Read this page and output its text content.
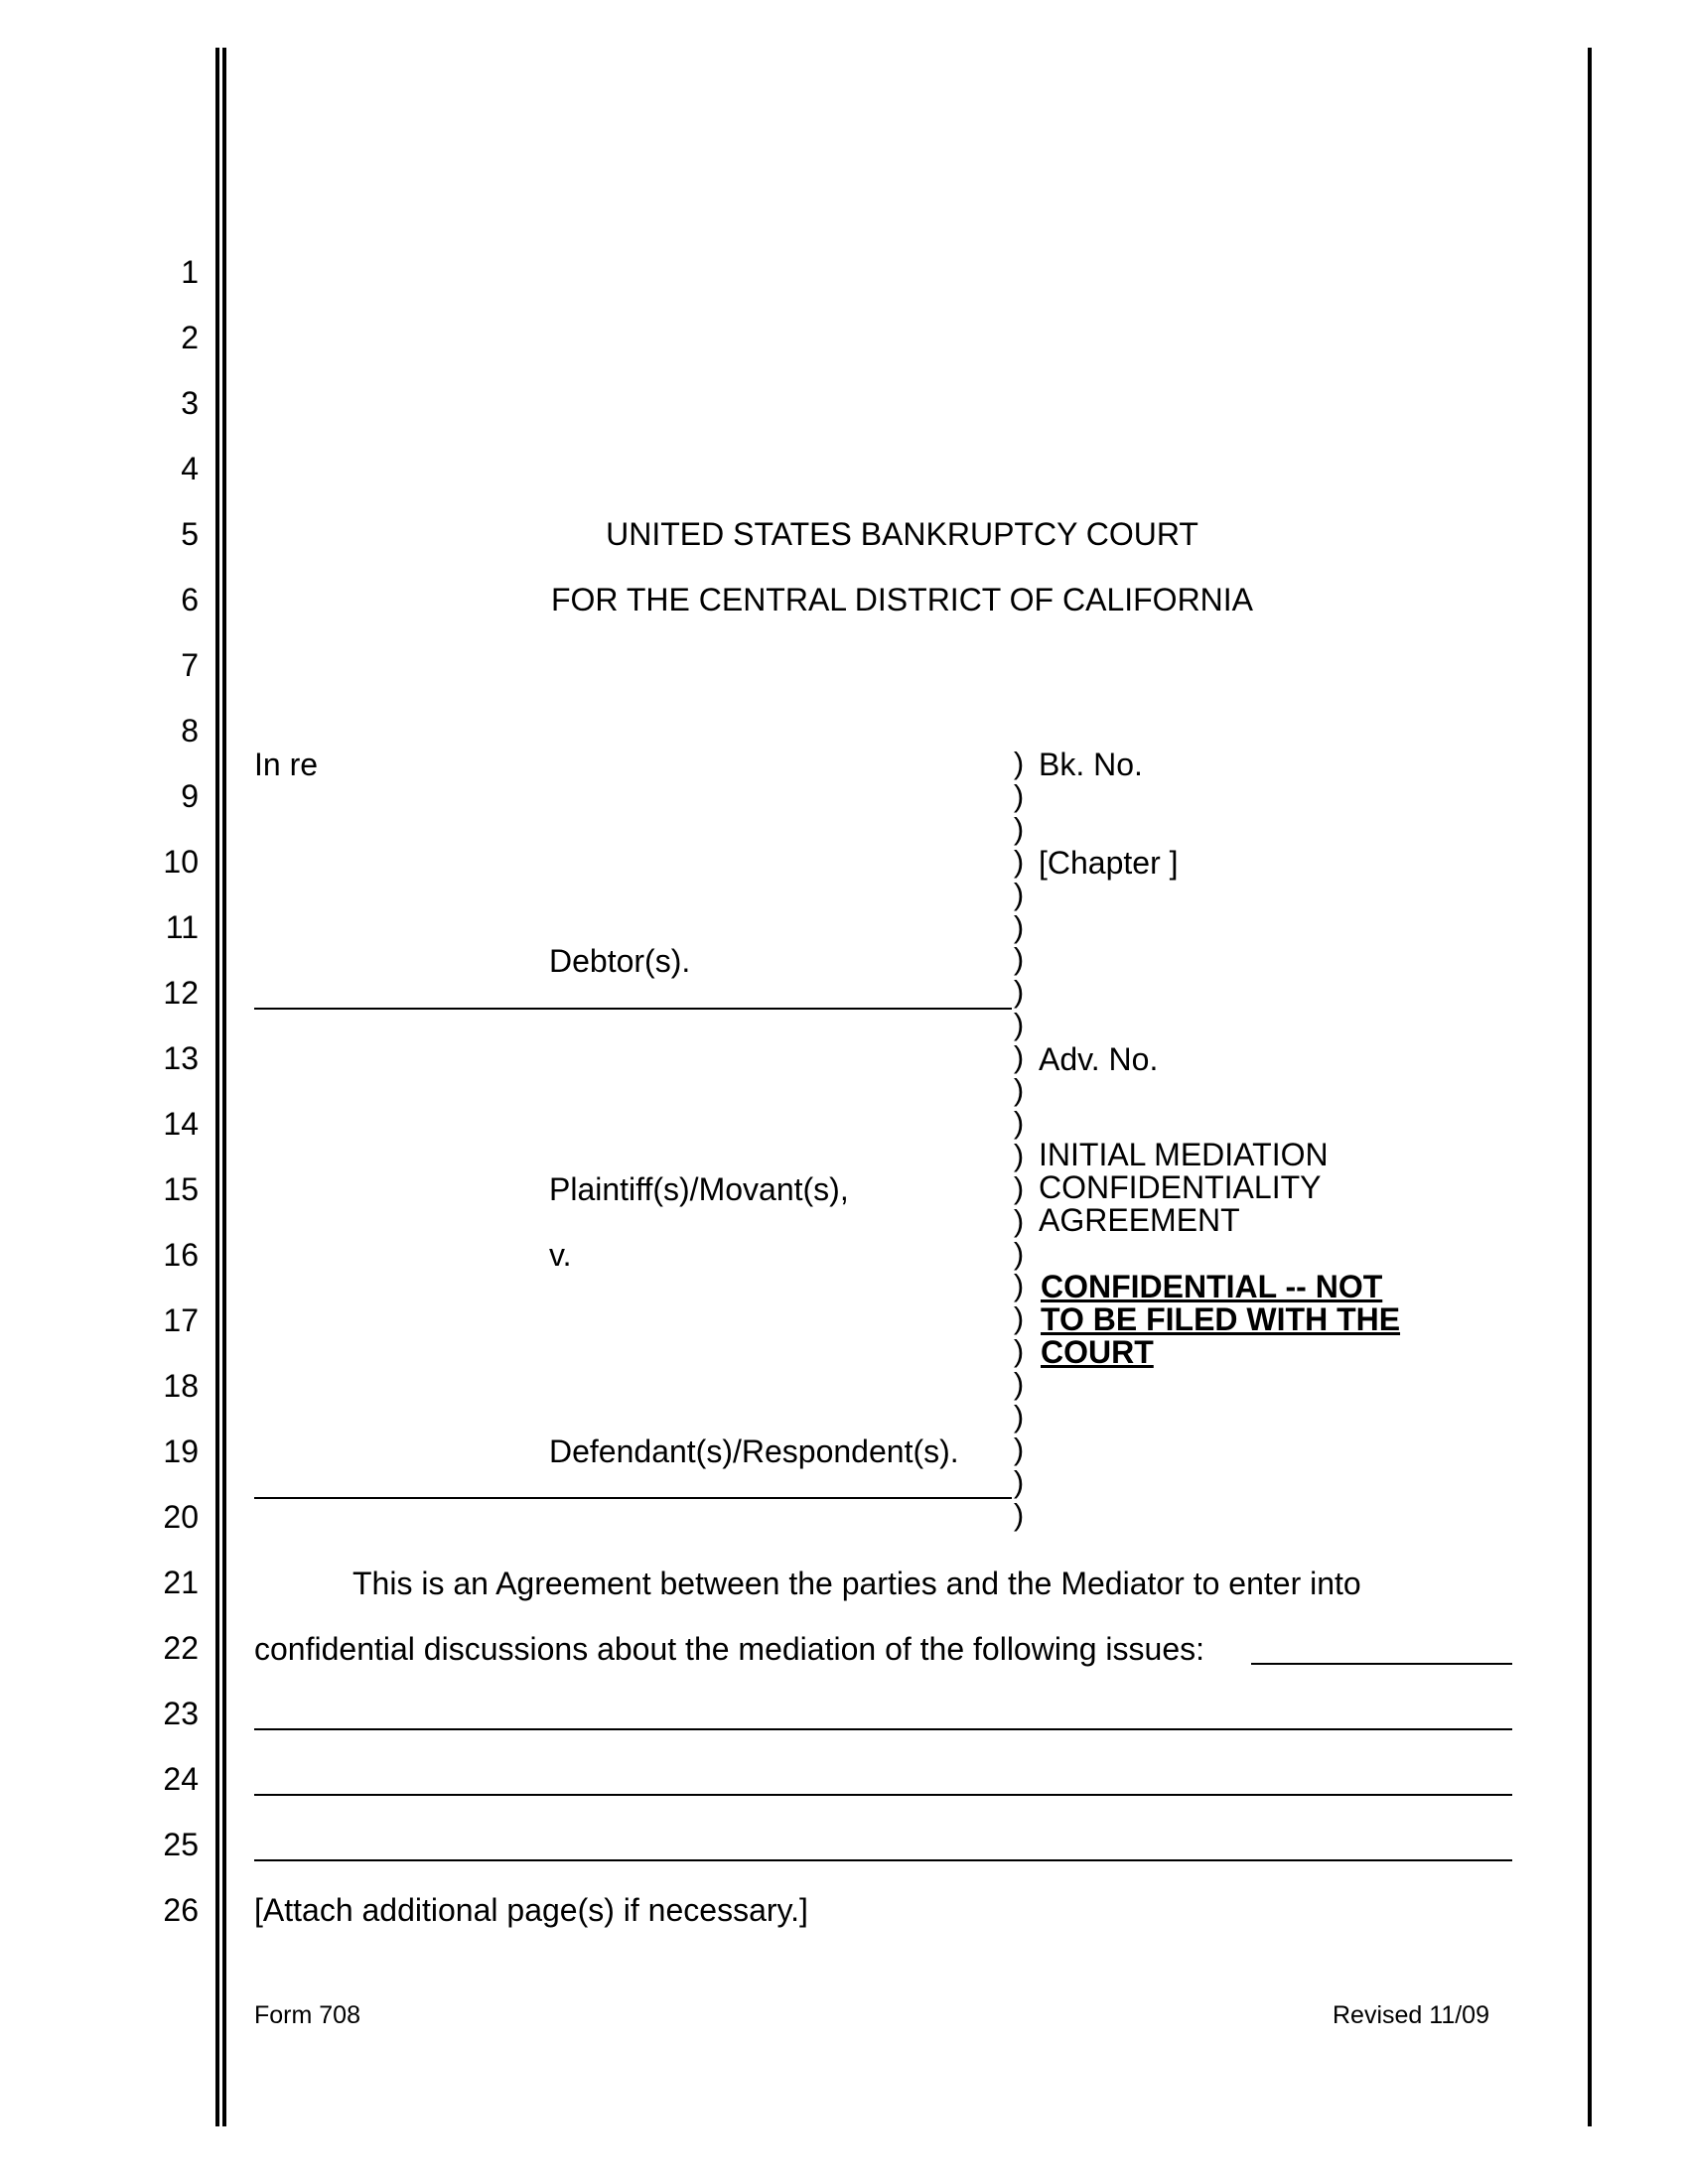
1
2
3
4
5
6
7
8
9
10
11
12
13
14
15
16
17
18
19
20
21
22
23
24
25
26
UNITED STATES BANKRUPTCY COURT
FOR THE CENTRAL DISTRICT OF CALIFORNIA
In re
Debtor(s).
Plaintiff(s)/Movant(s),
v.
Defendant(s)/Respondent(s).
)
)
)
)
)
)
)
)
)
)
)
)
)
)
)
)
)
)
)
)
)
)
)
)
Bk. No.
[Chapter ]
Adv. No.
INITIAL MEDIATION
CONFIDENTIALITY
AGREEMENT
CONFIDENTIAL -- NOT
TO BE FILED WITH THE
COURT
This is an Agreement between the parties and the Mediator to enter into
confidential discussions about the mediation of the following issues:
[Attach additional page(s) if necessary.]
Form 708	Revised 11/09
